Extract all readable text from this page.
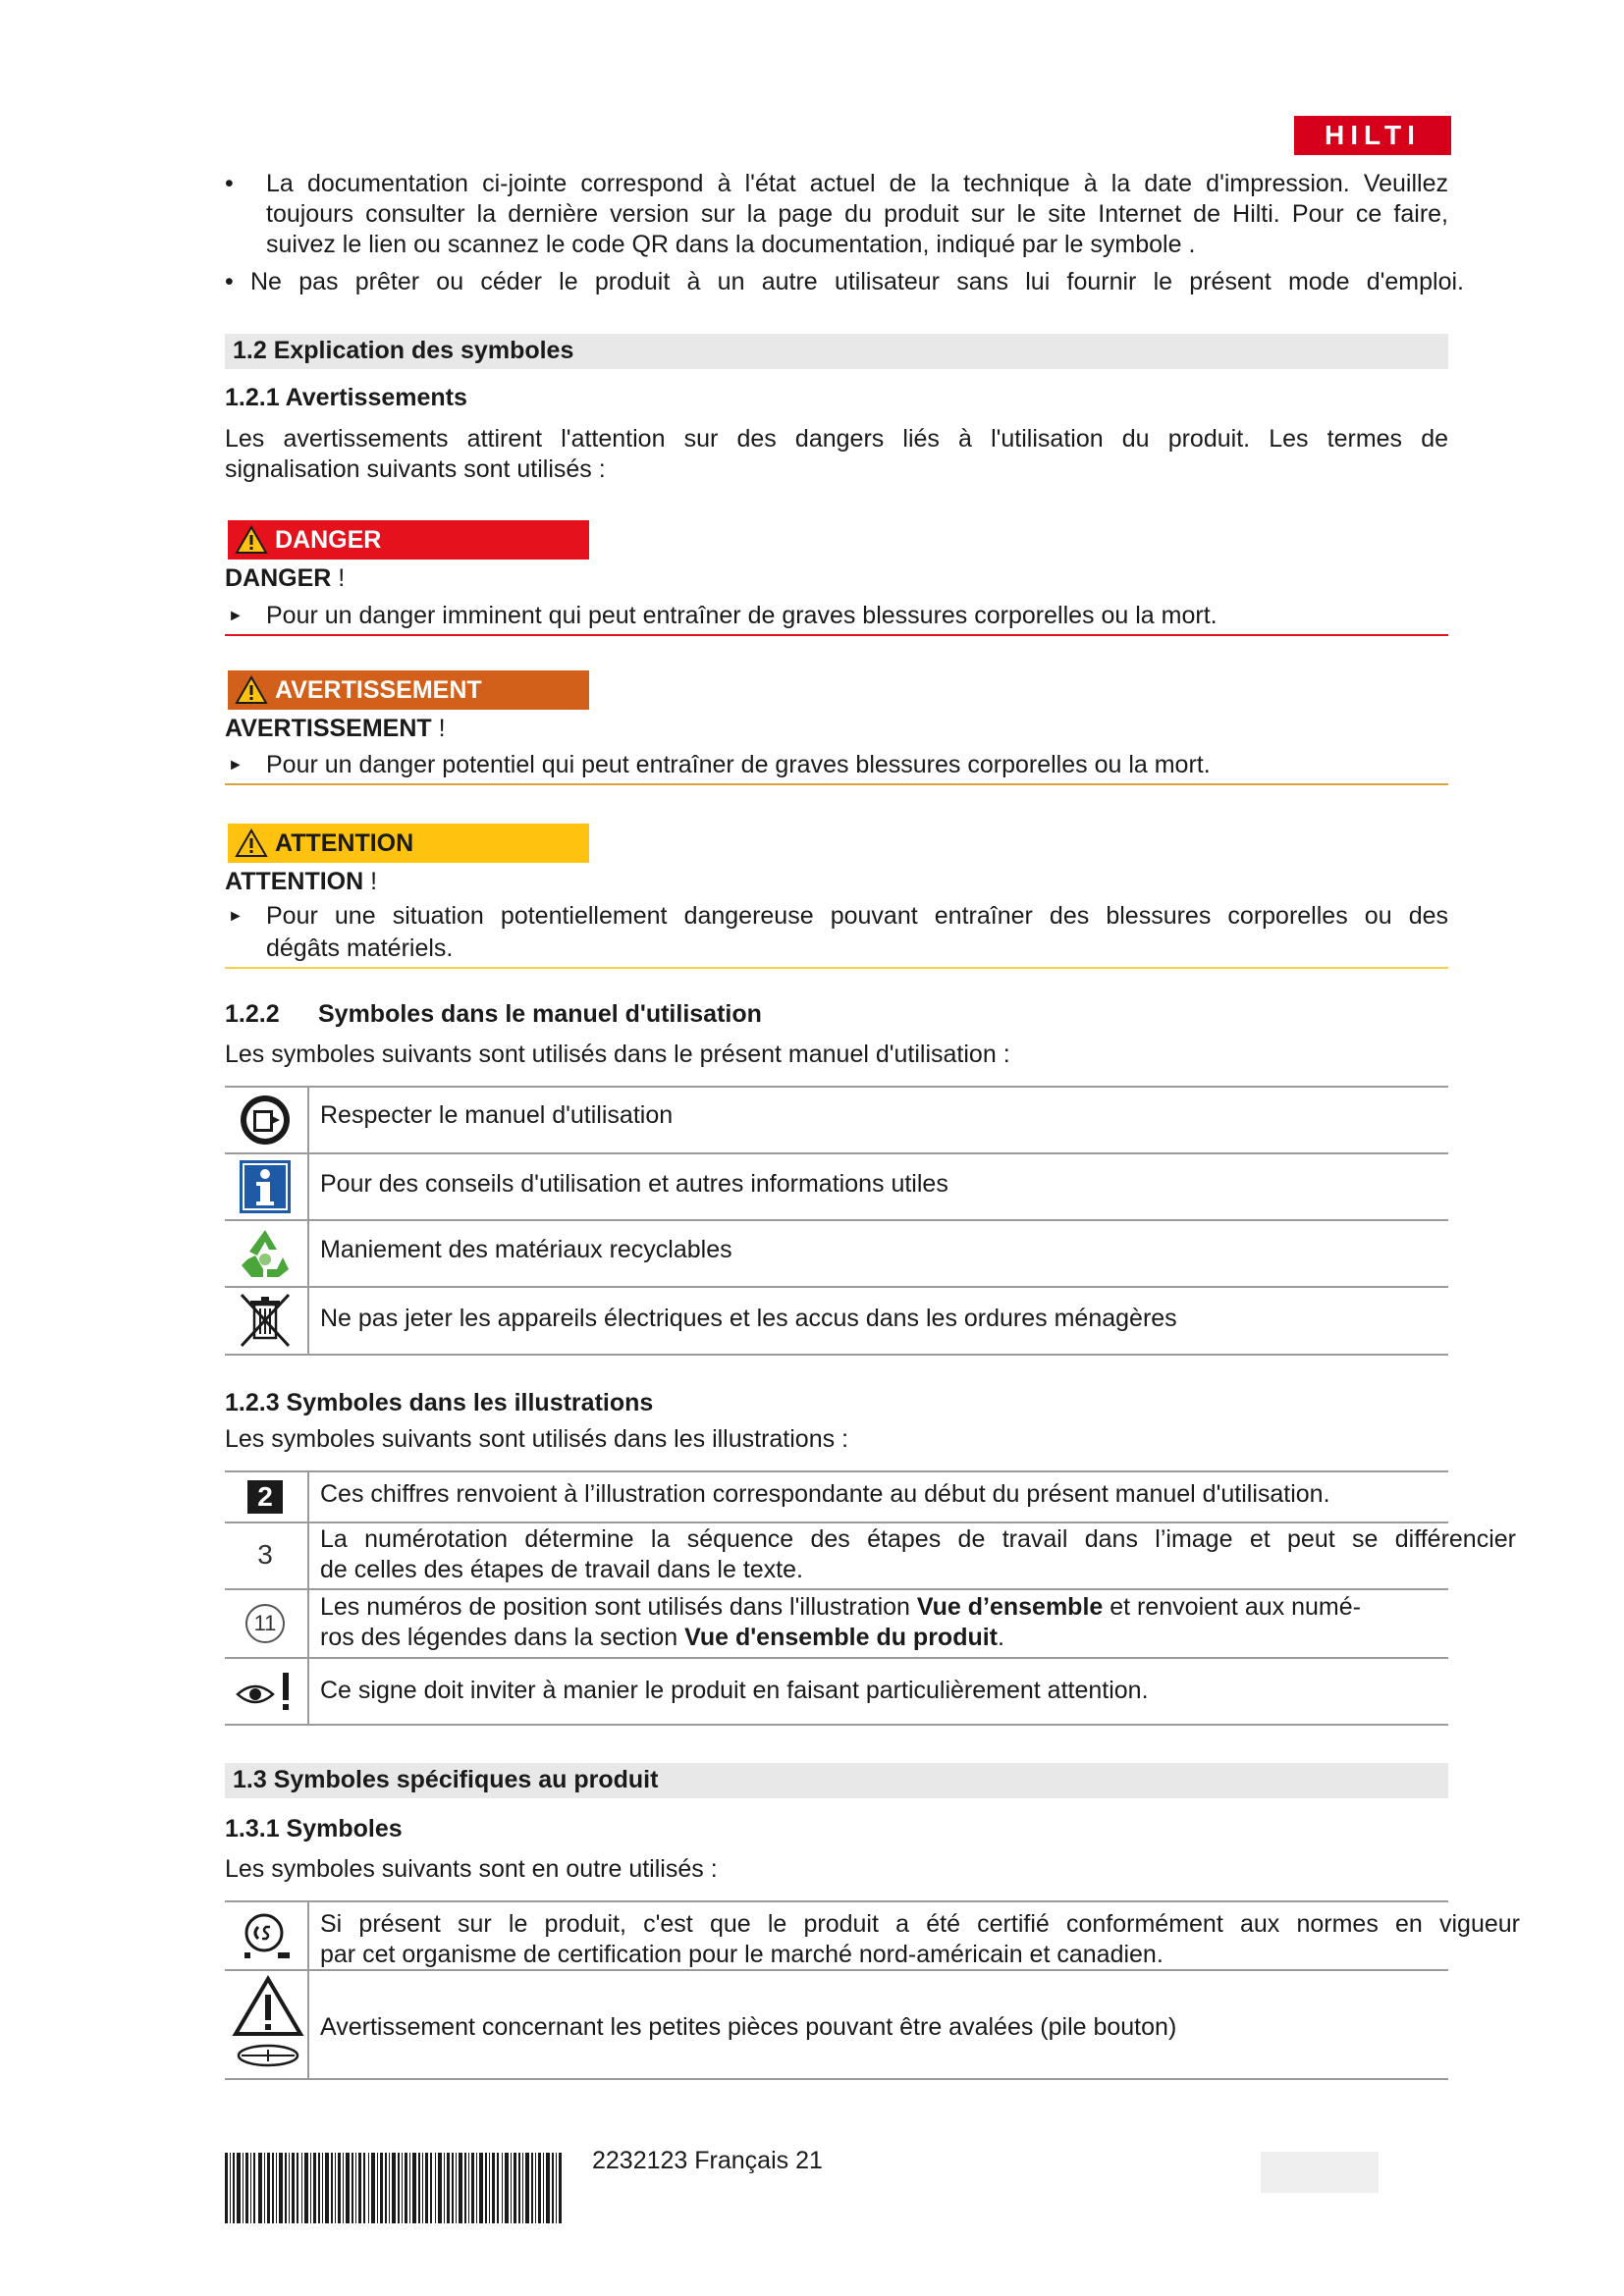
HILTI
• La documentation ci-jointe correspond à l'état actuel de la technique à la date d'impression. Veuillez
toujours consulter la dernière version sur la page du produit sur le site Internet de Hilti. Pour ce faire,
suivez le lien ou scannez le code QR dans la documentation, indiqué par le symbole .
• Ne pas prêter ou céder le produit à un autre utilisateur sans lui fournir le présent mode d'emploi.
1.2 Explication des symboles
1.2.1 Avertissements
Les avertissements attirent l'attention sur des dangers liés à l'utilisation du produit. Les termes de
signalisation suivants sont utilisés :
DANGER
DANGER !
► Pour un danger imminent qui peut entraîner de graves blessures corporelles ou la mort.
AVERTISSEMENT
AVERTISSEMENT !
► Pour un danger potentiel qui peut entraîner de graves blessures corporelles ou la mort.
ATTENTION
ATTENTION !
► Pour une situation potentiellement dangereuse pouvant entraîner des blessures corporelles ou des
dégâts matériels.
1.2.2 Symboles dans le manuel d'utilisation
Les symboles suivants sont utilisés dans le présent manuel d'utilisation :
Respecter le manuel d'utilisation
Pour des conseils d'utilisation et autres informations utiles
Maniement des matériaux recyclables
Ne pas jeter les appareils électriques et les accus dans les ordures ménagères
1.2.3 Symboles dans les illustrations
Les symboles suivants sont utilisés dans les illustrations :
2 Ces chiffres renvoient à l’illustration correspondante au début du présent manuel d'utilisation.
3 La numérotation détermine la séquence des étapes de travail dans l’image et peut se différencier
de celles des étapes de travail dans le texte.
11
Les numéros de position sont utilisés dans l'illustration Vue d’ensemble et renvoient aux numé-
ros des légendes dans la section Vue d'ensemble du produit.
Ce signe doit inviter à manier le produit en faisant particulièrement attention.
1.3 Symboles spécifiques au produit
1.3.1 Symboles
Les symboles suivants sont en outre utilisés :
Si présent sur le produit, c'est que le produit a été certifié conformément aux normes en vigueur
par cet organisme de certification pour le marché nord-américain et canadien.
Avertissement concernant les petites pièces pouvant être avalées (pile bouton)
2232123 Français 21
